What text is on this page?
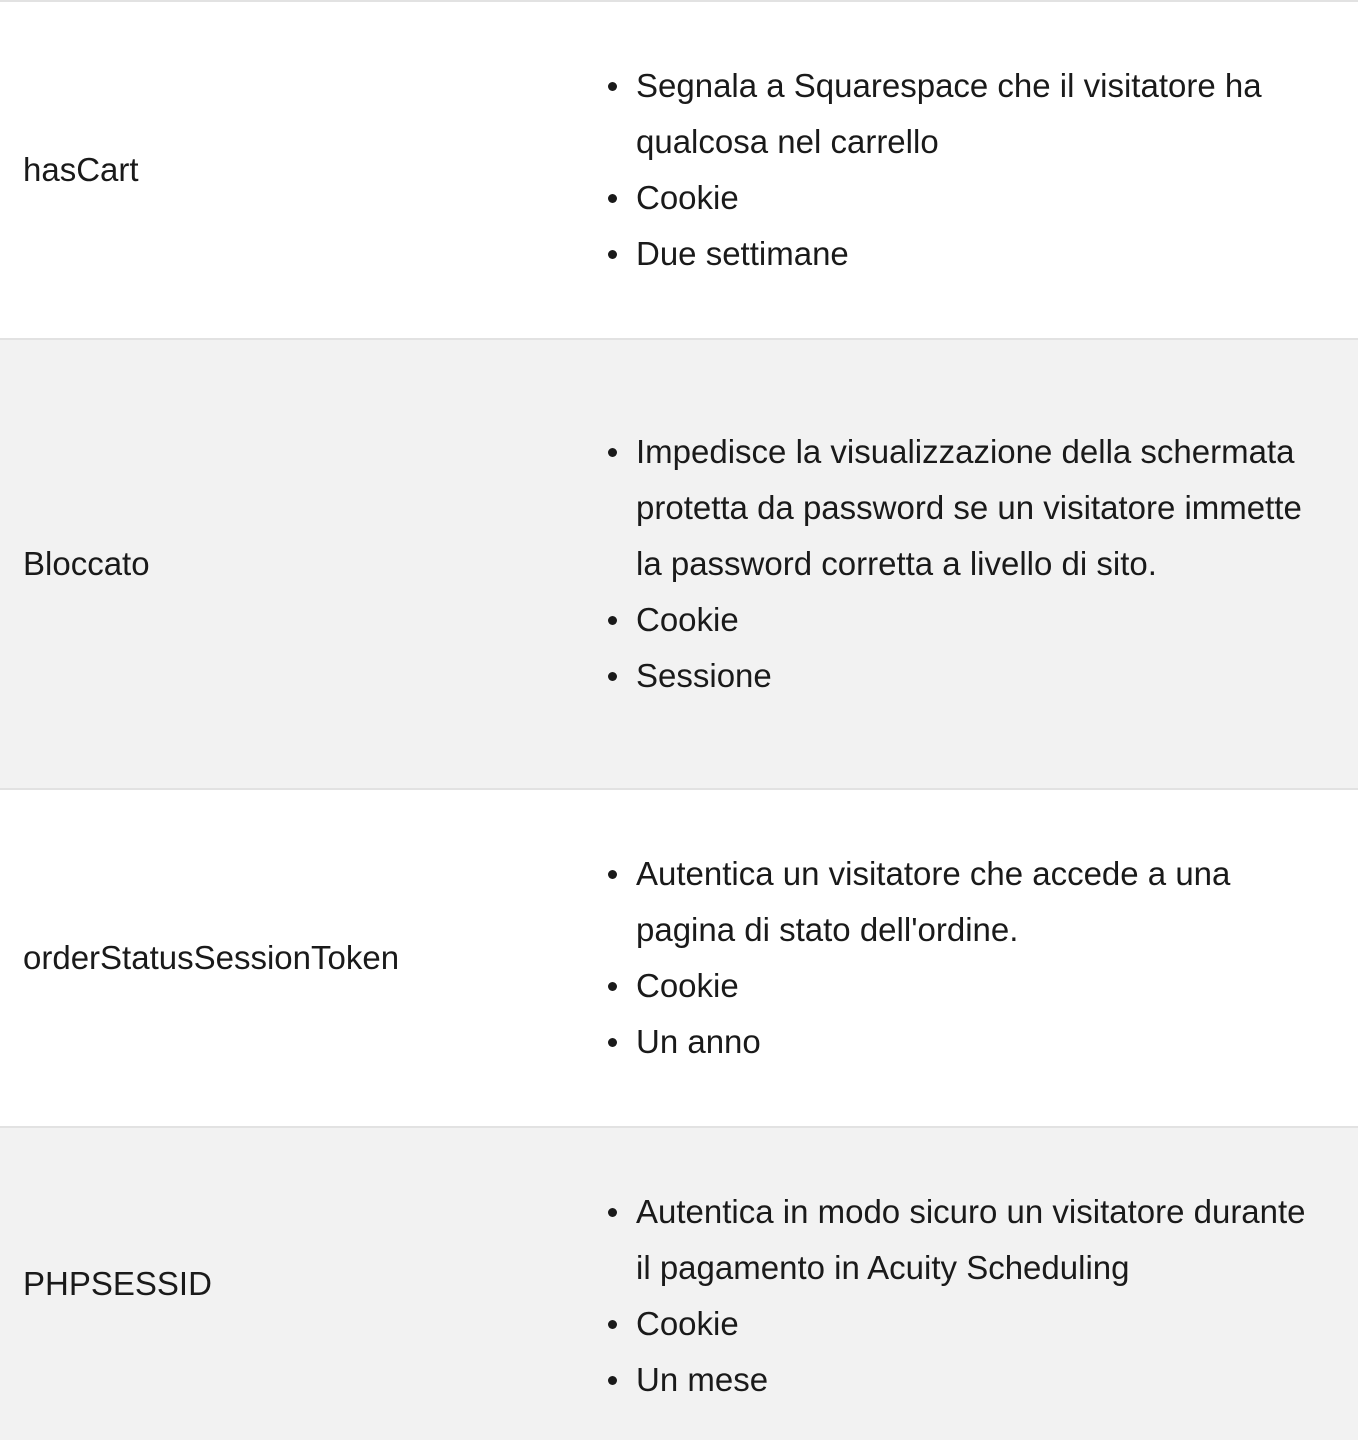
hasCart
Segnala a Squarespace che il visitatore ha qualcosa nel carrello
Cookie
Due settimane
Bloccato
Impedisce la visualizzazione della schermata protetta da password se un visitatore immette la password corretta a livello di sito.
Cookie
Sessione
orderStatusSessionToken
Autentica un visitatore che accede a una pagina di stato dell'ordine.
Cookie
Un anno
PHPSESSID
Autentica in modo sicuro un visitatore durante il pagamento in Acuity Scheduling
Cookie
Un mese
